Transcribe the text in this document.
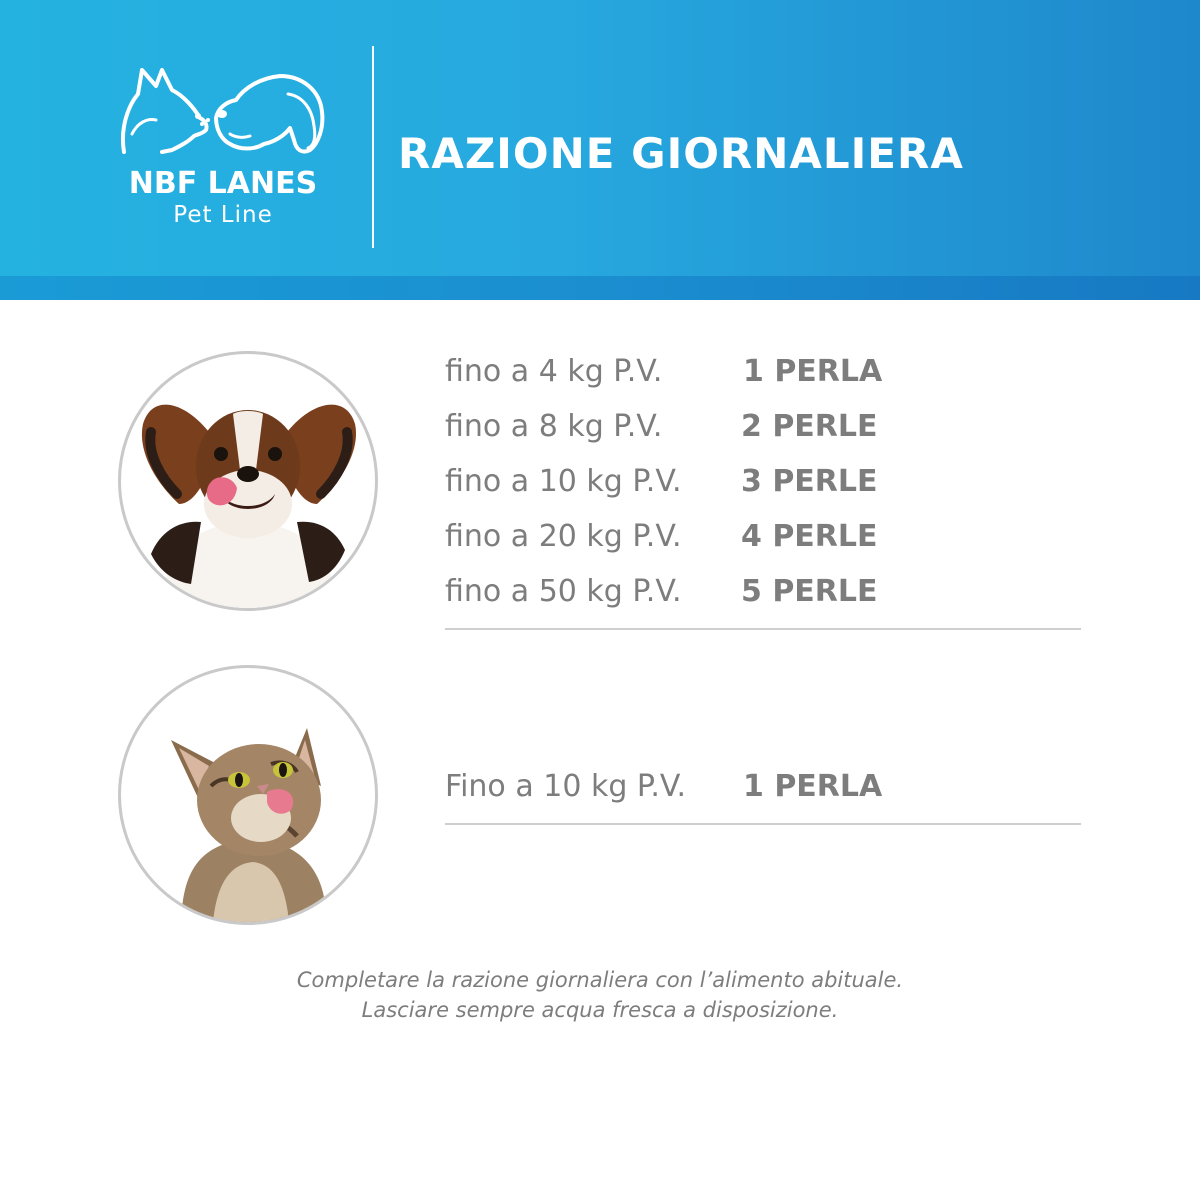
NBF LANES
Pet Line
RAZIONE GIORNALIERA
fino a 4 kg P.V.	1 PERLA
fino a 8 kg P.V.	2 PERLE
fino a 10 kg P.V. 3 PERLE
fino a 20 kg P.V. 4 PERLE
fino a 50 kg P.V. 5 PERLE
Fino a 10 kg P.V. 1 PERLA
Completare la razione giornaliera con l’alimento abituale.
Lasciare sempre acqua fresca a disposizione.
